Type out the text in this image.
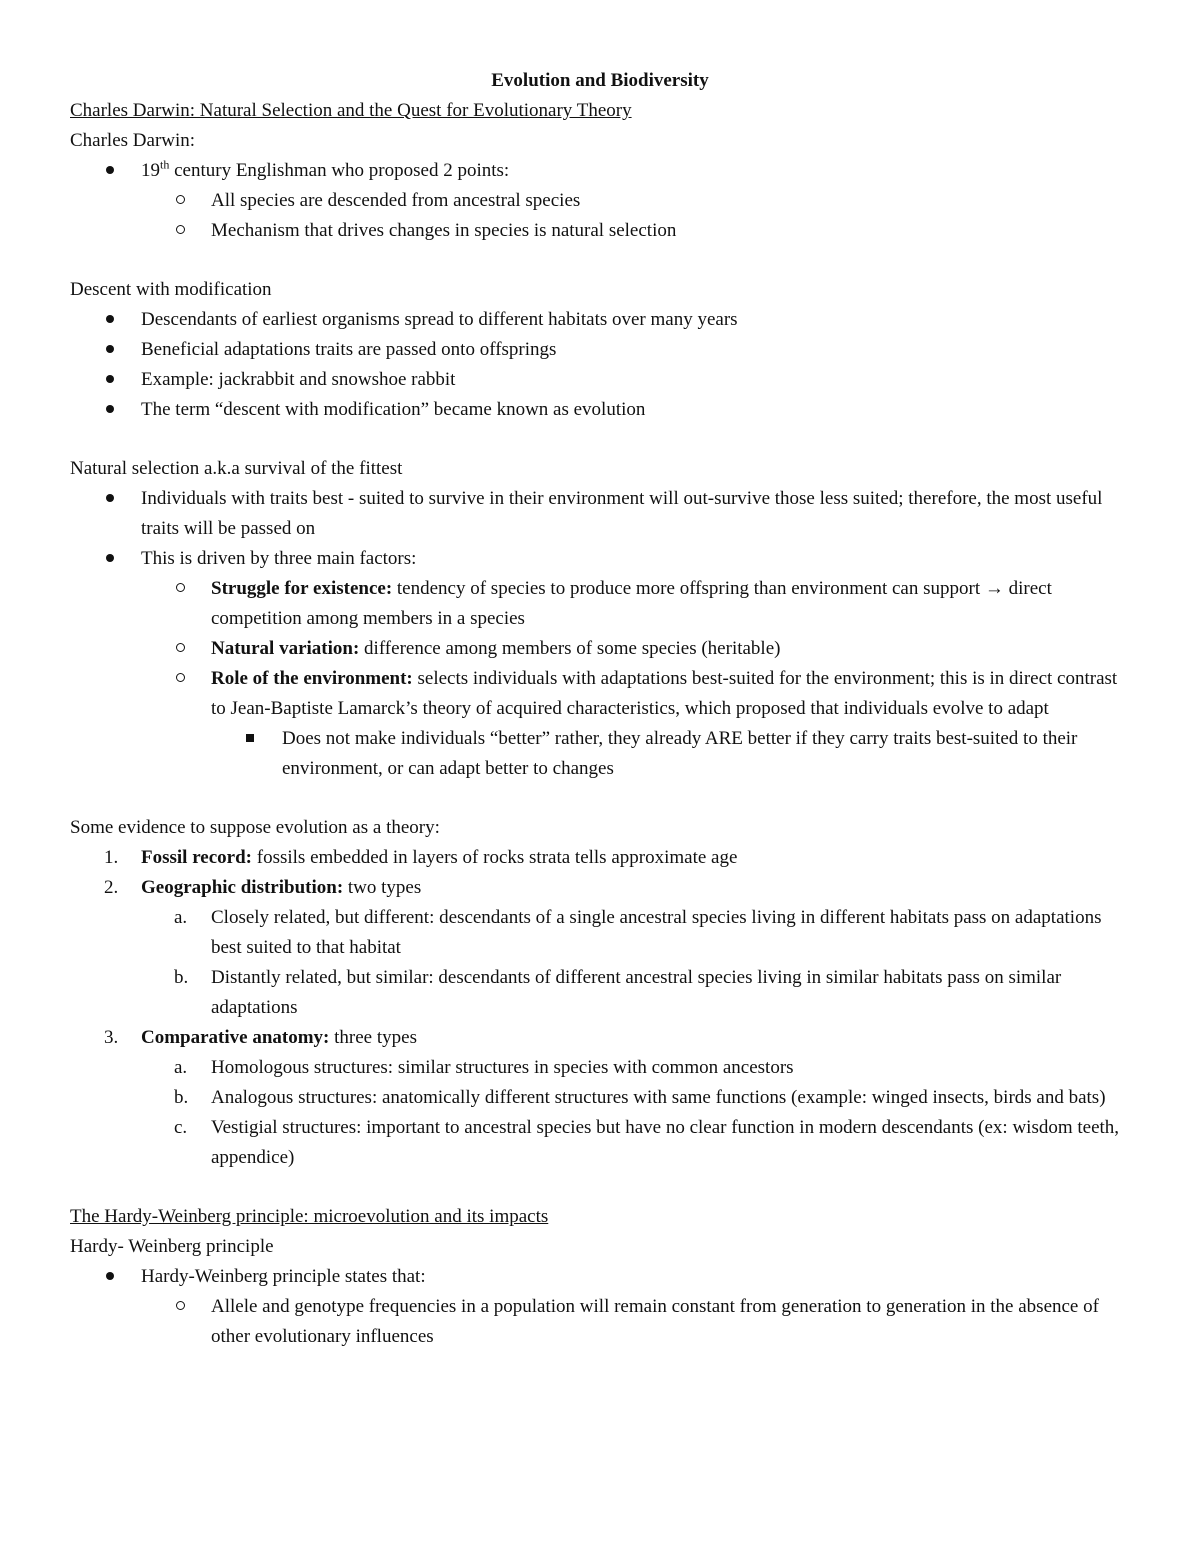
Evolution and Biodiversity
Charles Darwin: Natural Selection and the Quest for Evolutionary Theory
Charles Darwin:
19th century Englishman who proposed 2 points:
All species are descended from ancestral species
Mechanism that drives changes in species is natural selection
Descent with modification
Descendants of earliest organisms spread to different habitats over many years
Beneficial adaptations traits are passed onto offsprings
Example: jackrabbit and snowshoe rabbit
The term “descent with modification” became known as evolution
Natural selection a.k.a survival of the fittest
Individuals with traits best - suited to survive in their environment will out-survive those less suited; therefore, the most useful traits will be passed on
This is driven by three main factors:
Struggle for existence: tendency of species to produce more offspring than environment can support → direct competition among members in a species
Natural variation: difference among members of some species (heritable)
Role of the environment: selects individuals with adaptations best-suited for the environment; this is in direct contrast to Jean-Baptiste Lamarck’s theory of acquired characteristics, which proposed that individuals evolve to adapt
Does not make individuals “better” rather, they already ARE better if they carry traits best-suited to their environment, or can adapt better to changes
Some evidence to suppose evolution as a theory:
1.	Fossil record: fossils embedded in layers of rocks strata tells approximate age
2.	Geographic distribution: two types
a. Closely related, but different: descendants of a single ancestral species living in different habitats pass on adaptations best suited to that habitat
b. Distantly related, but similar: descendants of different ancestral species living in similar habitats pass on similar adaptations
3.	Comparative anatomy: three types
a. Homologous structures: similar structures in species with common ancestors
b. Analogous structures: anatomically different structures with same functions (example: winged insects, birds and bats)
c. Vestigial structures: important to ancestral species but have no clear function in modern descendants (ex: wisdom teeth, appendice)
The Hardy-Weinberg principle: microevolution and its impacts
Hardy- Weinberg principle
Hardy-Weinberg principle states that:
Allele and genotype frequencies in a population will remain constant from generation to generation in the absence of other evolutionary influences
